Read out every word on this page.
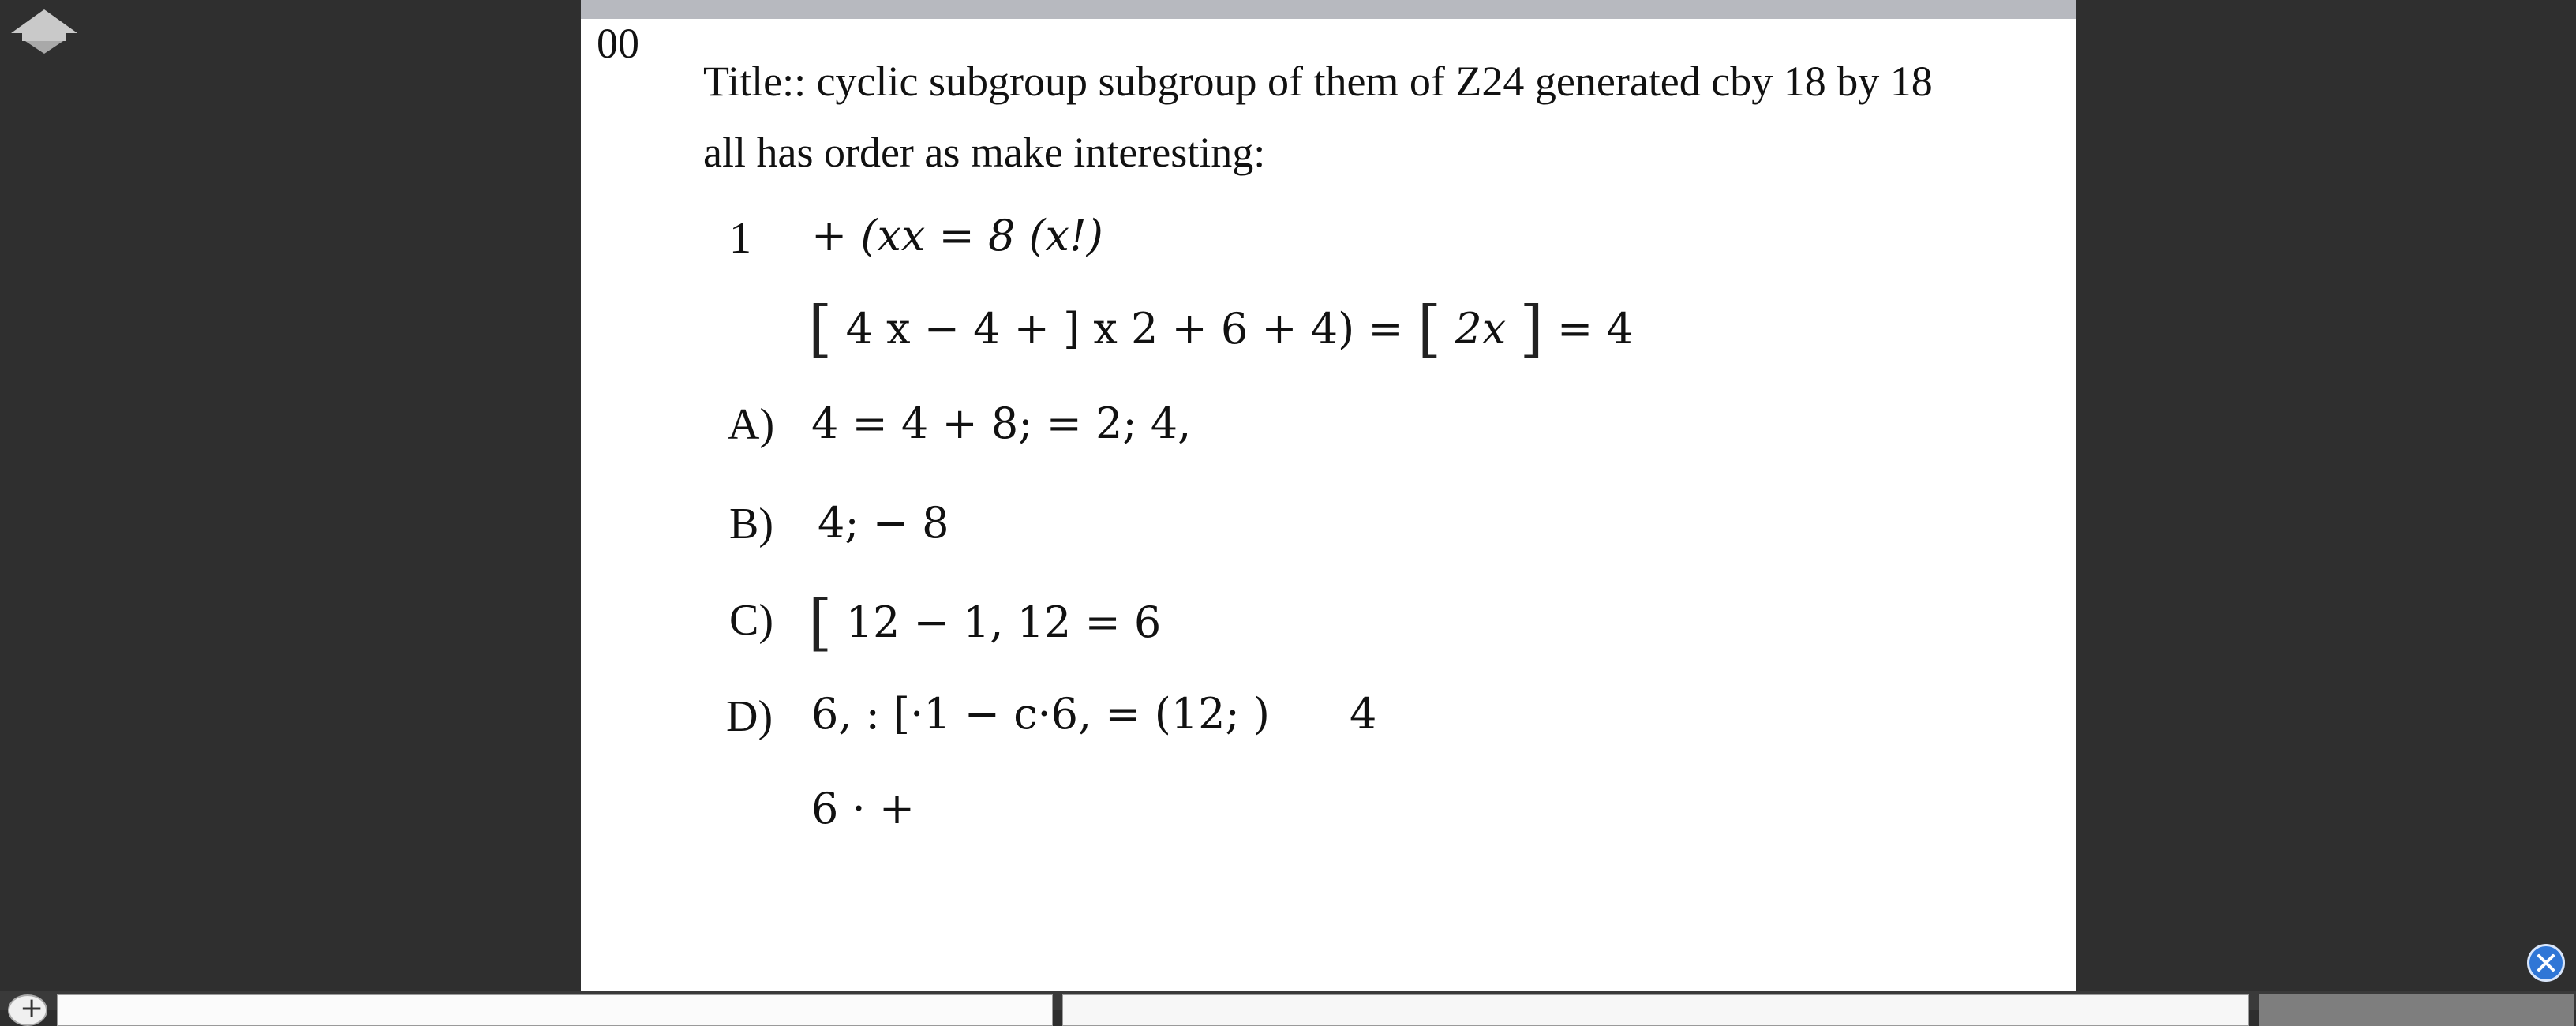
00
Title:: cyclic subgroup subgroup of them of Z24 generated cby 18 by 18
all has order as make interesting:
1 + (xx = 8 (x!)
[ 4 x − 4 + ] x 2 + 6 + 4) = [ 2x ] = 4
A) 4 = 4 + 8; = 2; 4,
B) 4; − 8
C) [ 12 − 1, 12 = 6
D) 6, : [·1 − c·6, = (12; ) 4
6 · +
+
